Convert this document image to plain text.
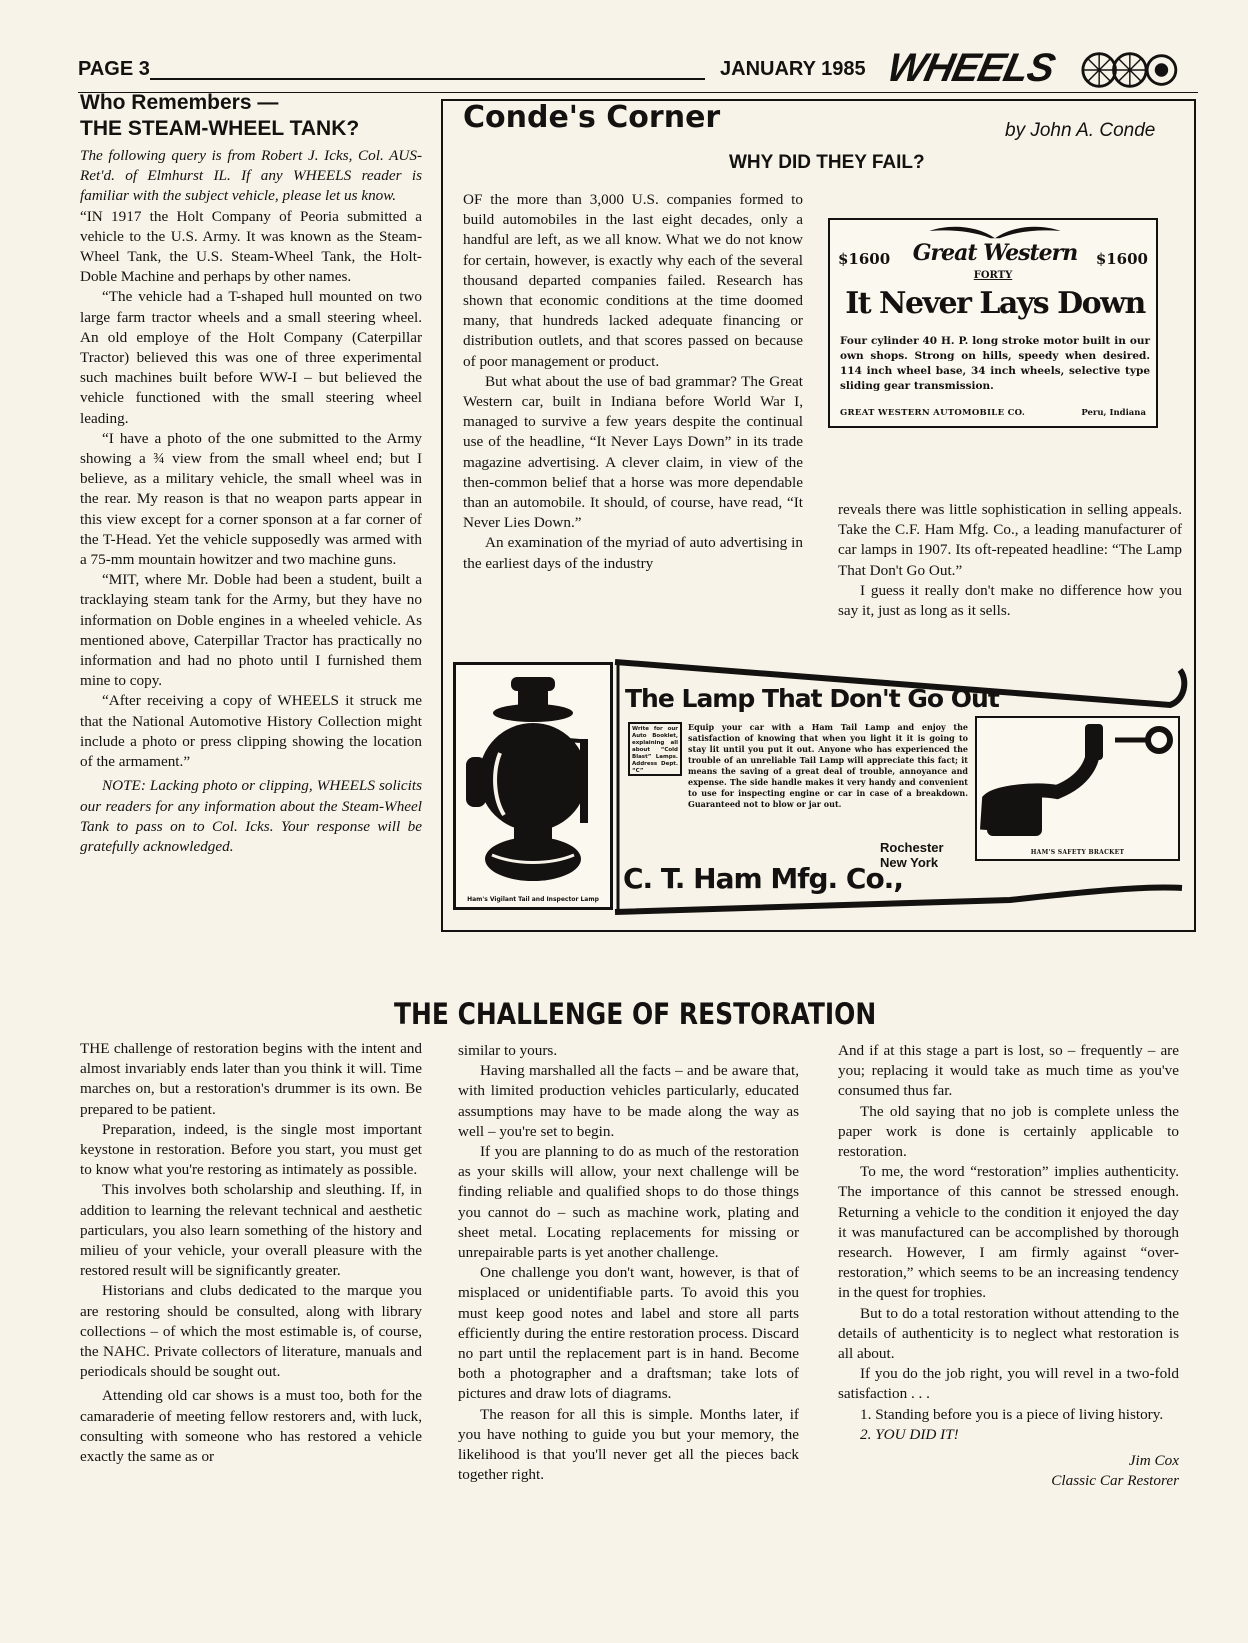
PAGE 3	JANUARY 1985 WHEELS
Who Remembers —
THE STEAM-WHEEL TANK?

The following query is from Robert J. Icks, Col. AUS-Ret'd. of Elmhurst IL. If any WHEELS reader is familiar with the subject vehicle, please let us know.

“IN 1917 the Holt Company of Peoria submitted a vehicle to the U.S. Army. It was known as the Steam-Wheel Tank, the U.S. Steam-Wheel Tank, the Holt-Doble Machine and perhaps by other names.

“The vehicle had a T-shaped hull mounted on two large farm tractor wheels and a small steering wheel. An old employe of the Holt Company (Caterpillar Tractor) believed this was one of three experimental such machines built before WW-I – but believed the vehicle functioned with the small steering wheel leading.

“I have a photo of the one submitted to the Army showing a ¾ view from the small wheel end; but I believe, as a military vehicle, the small wheel was in the rear. My reason is that no weapon parts appear in this view except for a corner sponson at a far corner of the T-Head. Yet the vehicle supposedly was armed with a 75-mm mountain howitzer and two machine guns.

“MIT, where Mr. Doble had been a student, built a tracklaying steam tank for the Army, but they have no information on Doble engines in a wheeled vehicle. As mentioned above, Caterpillar Tractor has practically no information and had no photo until I furnished them mine to copy.

“After receiving a copy of WHEELS it struck me that the National Automotive History Collection might include a photo or press clipping showing the location of the armament.”

NOTE: Lacking photo or clipping, WHEELS solicits our readers for any information about the Steam-Wheel Tank to pass on to Col. Icks. Your response will be gratefully acknowledged.

Conde's Corner	by John A. Conde
WHY DID THEY FAIL?

OF the more than 3,000 U.S. companies formed to build automobiles in the last eight decades, only a handful are left, as we all know. What we do not know for certain, however, is exactly why each of the several thousand departed companies failed. Research has shown that economic conditions at the time doomed many, that hundreds lacked adequate financing or distribution outlets, and that scores passed on because of poor management or product.

But what about the use of bad grammar? The Great Western car, built in Indiana before World War I, managed to survive a few years despite the continual use of the headline, “It Never Lays Down” in its trade magazine advertising. A clever claim, in view of the then-common belief that a horse was more dependable than an automobile. It should, of course, have read, “It Never Lies Down.”

An examination of the myriad of auto advertising in the earliest days of the industry

reveals there was little sophistication in selling appeals. Take the C.F. Ham Mfg. Co., a leading manufacturer of car lamps in 1907. Its oft-repeated headline: “The Lamp That Don't Go Out.”

I guess it really don't make no difference how you say it, just as long as it sells.

$1600 Great Western $1600
FORTY
It Never Lays Down
Four cylinder 40 H. P. long stroke motor built in our own shops. Strong on hills, speedy when desired. 114 inch wheel base, 34 inch wheels, selective type sliding gear transmission.
GREAT WESTERN AUTOMOBILE CO.	Peru, Indiana
Ham's Vigilant Tail and Inspector Lamp
The Lamp That Don't Go Out
Write for our Auto Booklet, explaining all about “Cold Blast” Lamps. Address Dept. “C”
Equip your car with a Ham Tail Lamp and enjoy the satisfaction of knowing that when you light it it is going to stay lit until you put it out. Anyone who has experienced the trouble of an unreliable Tail Lamp will appreciate this fact; it means the saving of a great deal of trouble, annoyance and expense. The side handle makes it very handy and convenient to use for inspecting engine or car in case of a breakdown. Guaranteed not to blow or jar out.
Rochester
New York
C. T. Ham Mfg. Co.,
HAM'S SAFETY BRACKET
THE CHALLENGE OF RESTORATION

THE challenge of restoration begins with the intent and almost invariably ends later than you think it will. Time marches on, but a restoration's drummer is its own. Be prepared to be patient.

Preparation, indeed, is the single most important keystone in restoration. Before you start, you must get to know what you're restoring as intimately as possible.

This involves both scholarship and sleuthing. If, in addition to learning the relevant technical and aesthetic particulars, you also learn something of the history and milieu of your vehicle, your overall pleasure with the restored result will be significantly greater.

Historians and clubs dedicated to the marque you are restoring should be consulted, along with library collections – of which the most estimable is, of course, the NAHC. Private collectors of literature, manuals and periodicals should be sought out.

Attending old car shows is a must too, both for the camaraderie of meeting fellow restorers and, with luck, consulting with someone who has restored a vehicle exactly the same as or

similar to yours.

Having marshalled all the facts – and be aware that, with limited production vehicles particularly, educated assumptions may have to be made along the way as well – you're set to begin.

If you are planning to do as much of the restoration as your skills will allow, your next challenge will be finding reliable and qualified shops to do those things you cannot do – such as machine work, plating and sheet metal. Locating replacements for missing or unrepairable parts is yet another challenge.

One challenge you don't want, however, is that of misplaced or unidentifiable parts. To avoid this you must keep good notes and label and store all parts efficiently during the entire restoration process. Discard no part until the replacement part is in hand. Become both a photographer and a draftsman; take lots of pictures and draw lots of diagrams.

The reason for all this is simple. Months later, if you have nothing to guide you but your memory, the likelihood is that you'll never get all the pieces back together right.

And if at this stage a part is lost, so – frequently – are you; replacing it would take as much time as you've consumed thus far.

The old saying that no job is complete unless the paper work is done is certainly applicable to restoration.

To me, the word “restoration” implies authenticity. The importance of this cannot be stressed enough. Returning a vehicle to the condition it enjoyed the day it was manufactured can be accomplished by thorough research. However, I am firmly against “over-restoration,” which seems to be an increasing tendency in the quest for trophies.

But to do a total restoration without attending to the details of authenticity is to neglect what restoration is all about.

If you do the job right, you will revel in a two-fold satisfaction . . .

1. Standing before you is a piece of living history.

2. YOU DID IT!

Jim Cox

Classic Car Restorer
